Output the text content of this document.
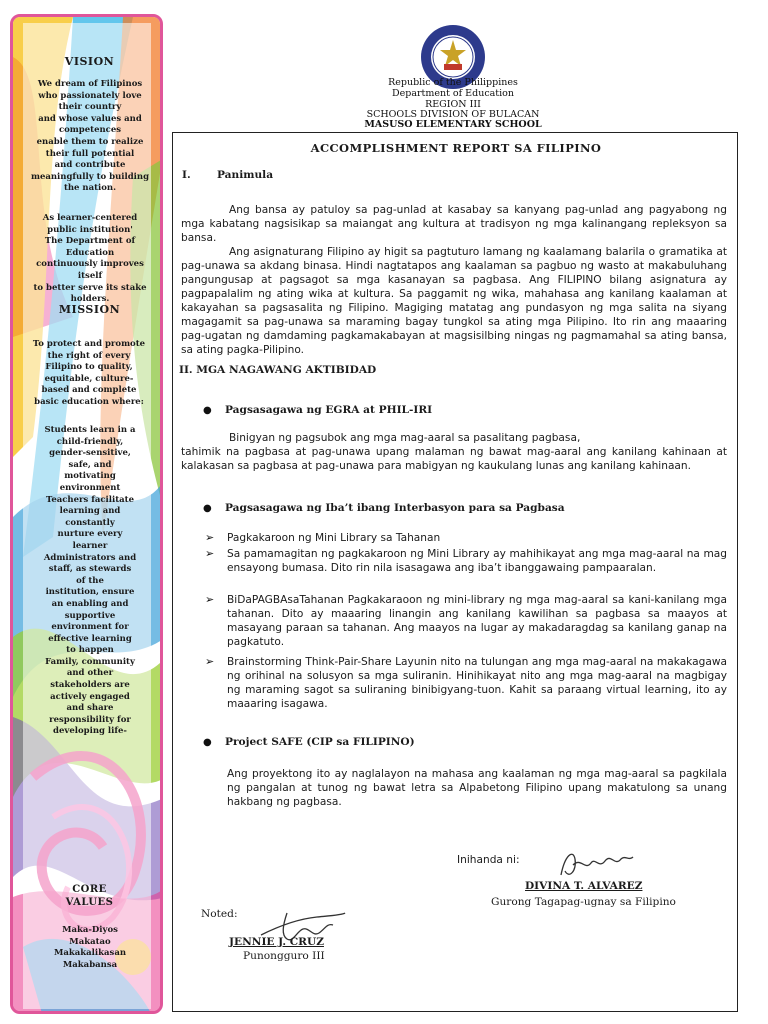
VISION
We dream of Filipinos
who passionately love
their country
and whose values and
competences
enable them to realize
their full potential
and contribute
meaningfully to building
the nation.
As learner-centered
public institution'
The Department of
Education
continuously improves
itself
to better serve its stake
holders.
MISSION
To protect and promote
the right of every
Filipino to quality,
equitable, culture-
based and complete
basic education where:
Students learn in a
child-friendly,
gender-sensitive,
safe, and
motivating
environment
Teachers facilitate
learning and
constantly
nurture every
learner
Administrators and
staff, as stewards
of the
institution, ensure
an enabling and
supportive
environment for
effective learning
to happen
Family, community
and other
stakeholders are
actively engaged
and share
responsibility for
developing life-
CORE
VALUES
Maka-Diyos
Makatao
Makakalikasan
Makabansa
Republic of the Philippines
Department of Education
REGION III
SCHOOLS DIVISION OF BULACAN
MASUSO ELEMENTARY SCHOOL
ACCOMPLISHMENT REPORT SA FILIPINO
I. Panimula
Ang bansa ay patuloy sa pag-unlad at kasabay sa kanyang pag-unlad ang pagyabong ng mga kabatang nagsisikap sa maiangat ang kultura at tradisyon ng mga kalinangang repleksyon sa bansa.
Ang asignaturang Filipino ay higit sa pagtuturo lamang ng kaalamang balarila o gramatika at pag-unawa sa akdang binasa. Hindi nagtatapos ang kaalaman sa pagbuo ng wasto at makabuluhang pangungusap at pagsagot sa mga kasanayan sa pagbasa. Ang FILIPINO bilang asignatura ay pagpapalalim ng ating wika at kultura. Sa paggamit ng wika, mahahasa ang kanilang kaalaman at kakayahan sa pagsasalita ng Filipino. Magiging matatag ang pundasyon ng mga salita na siyang magagamit sa pag-unawa sa maraming bagay tungkol sa ating mga Pilipino. Ito rin ang maaaring pag-ugatan ng damdaming pagkamakabayan at magsisilbing ningas ng pagmamahal sa ating bansa, sa ating pagka-Pilipino.
II. MGA NAGAWANG AKTIBIDAD
● Pagsasagawa ng EGRA at PHIL-IRI
Binigyan ng pagsubok ang mga mag-aaral sa pasalitang pagbasa,
tahimik na pagbasa at pag-unawa upang malaman ng bawat mag-aaral ang kanilang kahinaan at kalakasan sa pagbasa at pag-unawa para mabigyan ng kaukulang lunas ang kanilang kahinaan.
● Pagsasagawa ng Iba’t ibang Interbasyon para sa Pagbasa
➢ Pagkakaroon ng Mini Library sa Tahanan
➢ Sa pamamagitan ng pagkakaroon ng Mini Library ay mahihikayat ang mga mag-aaral na mag ensayong bumasa. Dito rin nila isasagawa ang iba’t ibanggawaing pampaaralan.
➢ BiDaPAGBAsaTahanan Pagkakaraoon ng mini-library ng mga mag-aaral sa kani-kanilang mga tahanan. Dito ay maaaring linangin ang kanilang kawilihan sa pagbasa sa maayos at masayang paraan sa tahanan. Ang maayos na lugar ay makadaragdag sa kanilang ganap na pagkatuto.
➢ Brainstorming Think-Pair-Share Layunin nito na tulungan ang mga mag-aaral na makakagawa ng orihinal na solusyon sa mga suliranin. Hinihikayat nito ang mga mag-aaral na magbigay ng maraming sagot sa suliraning binibigyang-tuon. Kahit sa paraang virtual learning, ito ay maaaring isagawa.
● Project SAFE (CIP sa FILIPINO)
Ang proyektong ito ay naglalayon na mahasa ang kaalaman ng mga mag-aaral sa pagkilala ng pangalan at tunog ng bawat letra sa Alpabetong Filipino upang makatulong sa unang hakbang ng pagbasa.
Inihanda ni:
DIVINA T. ALVAREZ
Gurong Tagapag-ugnay sa Filipino
Noted:
JENNIE J. CRUZ
Punongguro III
